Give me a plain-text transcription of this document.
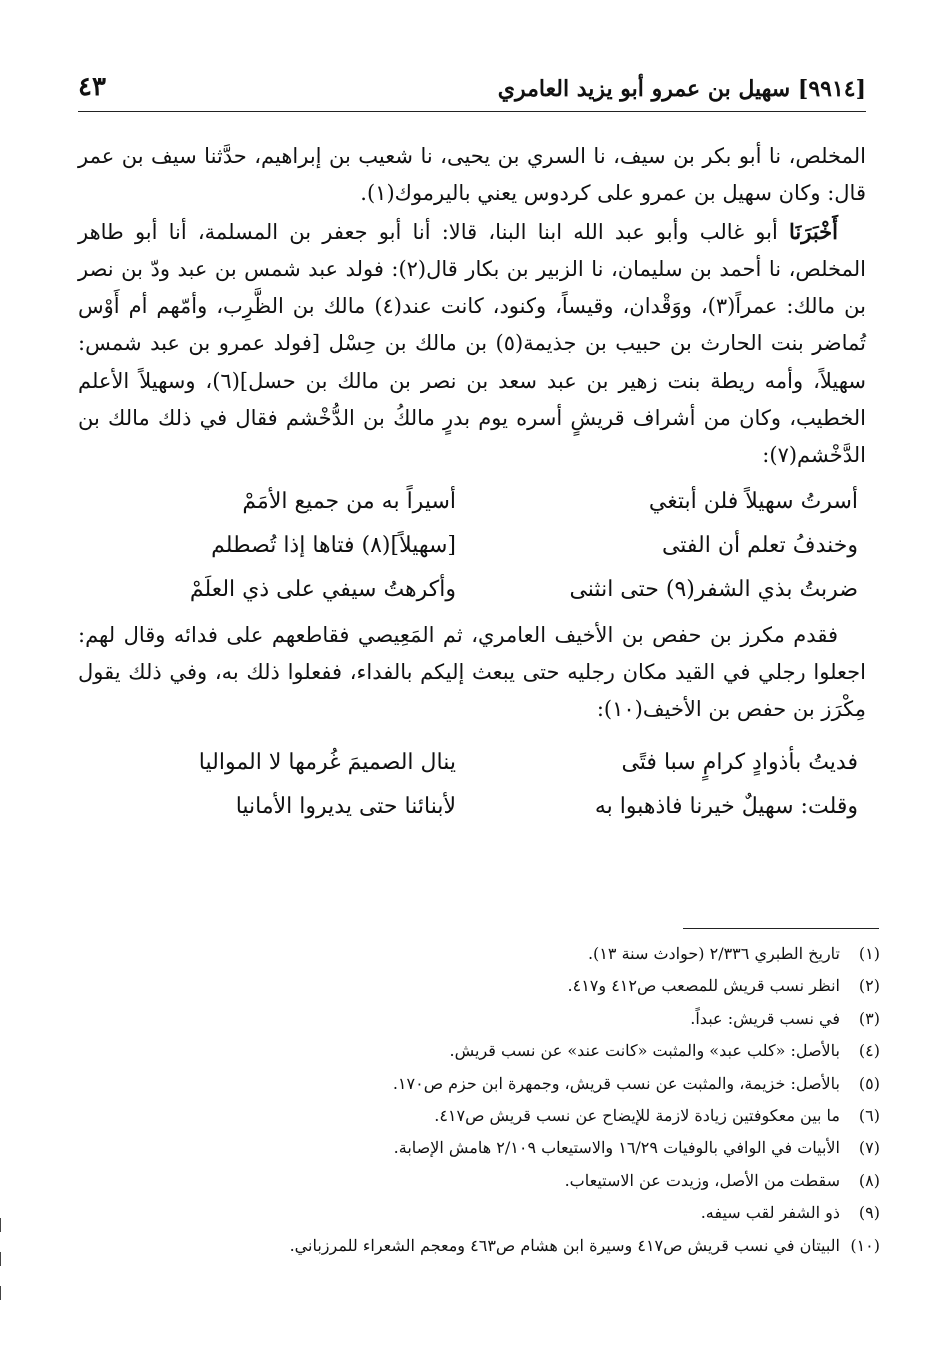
[٩٩١٤] سهيل بن عمرو أبو يزيد العامري
٤٣

المخلص، نا أبو بكر بن سيف، نا السري بن يحيى، نا شعيب بن إبراهيم، حدَّثنا سيف بن عمر قال: وكان سهيل بن عمرو على كردوس يعني باليرموك(١).

أَخْبَرَنَا أبو غالب وأبو عبد الله ابنا البنا، قالا: أنا أبو جعفر بن المسلمة، أنا أبو طاهر المخلص، نا أحمد بن سليمان، نا الزبير بن بكار قال(٢): فولد عبد شمس بن عبد ودّ بن نصر بن مالك: عمراً(٣)، ووَقْدان، وقيساً، وكنود، كانت عند(٤) مالك بن الظَّرِب، وأمّهم أم أَوْس تُماضر بنت الحارث بن حبيب بن جذيمة(٥) بن مالك بن حِسْل [فولد عمرو بن عبد شمس: سهيلاً، وأمه ريطة بنت زهير بن عبد سعد بن نصر بن مالك بن حسل](٦)، وسهيلاً الأعلم الخطيب، وكان من أشراف قريشٍ أسره يوم بدرٍ مالكُ بن الدُّخْشم فقال في ذلك مالك بن الدَّخْشم(٧):

أسرتُ سهيلاً فلن أبتغي
أسيراً به من جميع الأمَمْ
وخندفُ تعلم أن الفتى
[سهيلاً](٨) فتاها إذا تُصطلم
ضربتُ بذي الشفر(٩) حتى انثنى
وأكرهتُ سيفي على ذي العلَمْ

فقدم مكرز بن حفص بن الأخيف العامري، ثم المَعِيصي فقاطعهم على فدائه وقال لهم: اجعلوا رجلي في القيد مكان رجليه حتى يبعث إليكم بالفداء، ففعلوا ذلك به، وفي ذلك يقول مِكْرَز بن حفص بن الأخيف(١٠):

فديتُ بأذوادٍ كرامٍ سبا فتًى
ينال الصميمَ غُرمها لا المواليا
وقلت: سهيلٌ خيرنا فاذهبوا به
لأبنائنا حتى يديروا الأمانيا
(١)
تاريخ الطبري ٢/٣٣٦ (حوادث سنة ١٣).
(٢)
انظر نسب قريش للمصعب ص٤١٢ و٤١٧.
(٣)
في نسب قريش: عبداً.
(٤)
بالأصل: «كلب عبد» والمثبت «كانت عند» عن نسب قريش.
(٥)
بالأصل: خزيمة، والمثبت عن نسب قريش، وجمهرة ابن حزم ص١٧٠.
(٦)
ما بين معكوفتين زيادة لازمة للإيضاح عن نسب قريش ص٤١٧.
(٧)
الأبيات في الوافي بالوفيات ١٦/٢٩ والاستيعاب ٢/١٠٩ هامش الإصابة.
(٨)
سقطت من الأصل، وزيدت عن الاستيعاب.
(٩)
ذو الشفر لقب سيفه.
(١٠)
البيتان في نسب قريش ص٤١٧ وسيرة ابن هشام ص٤٦٣ ومعجم الشعراء للمرزباني.
